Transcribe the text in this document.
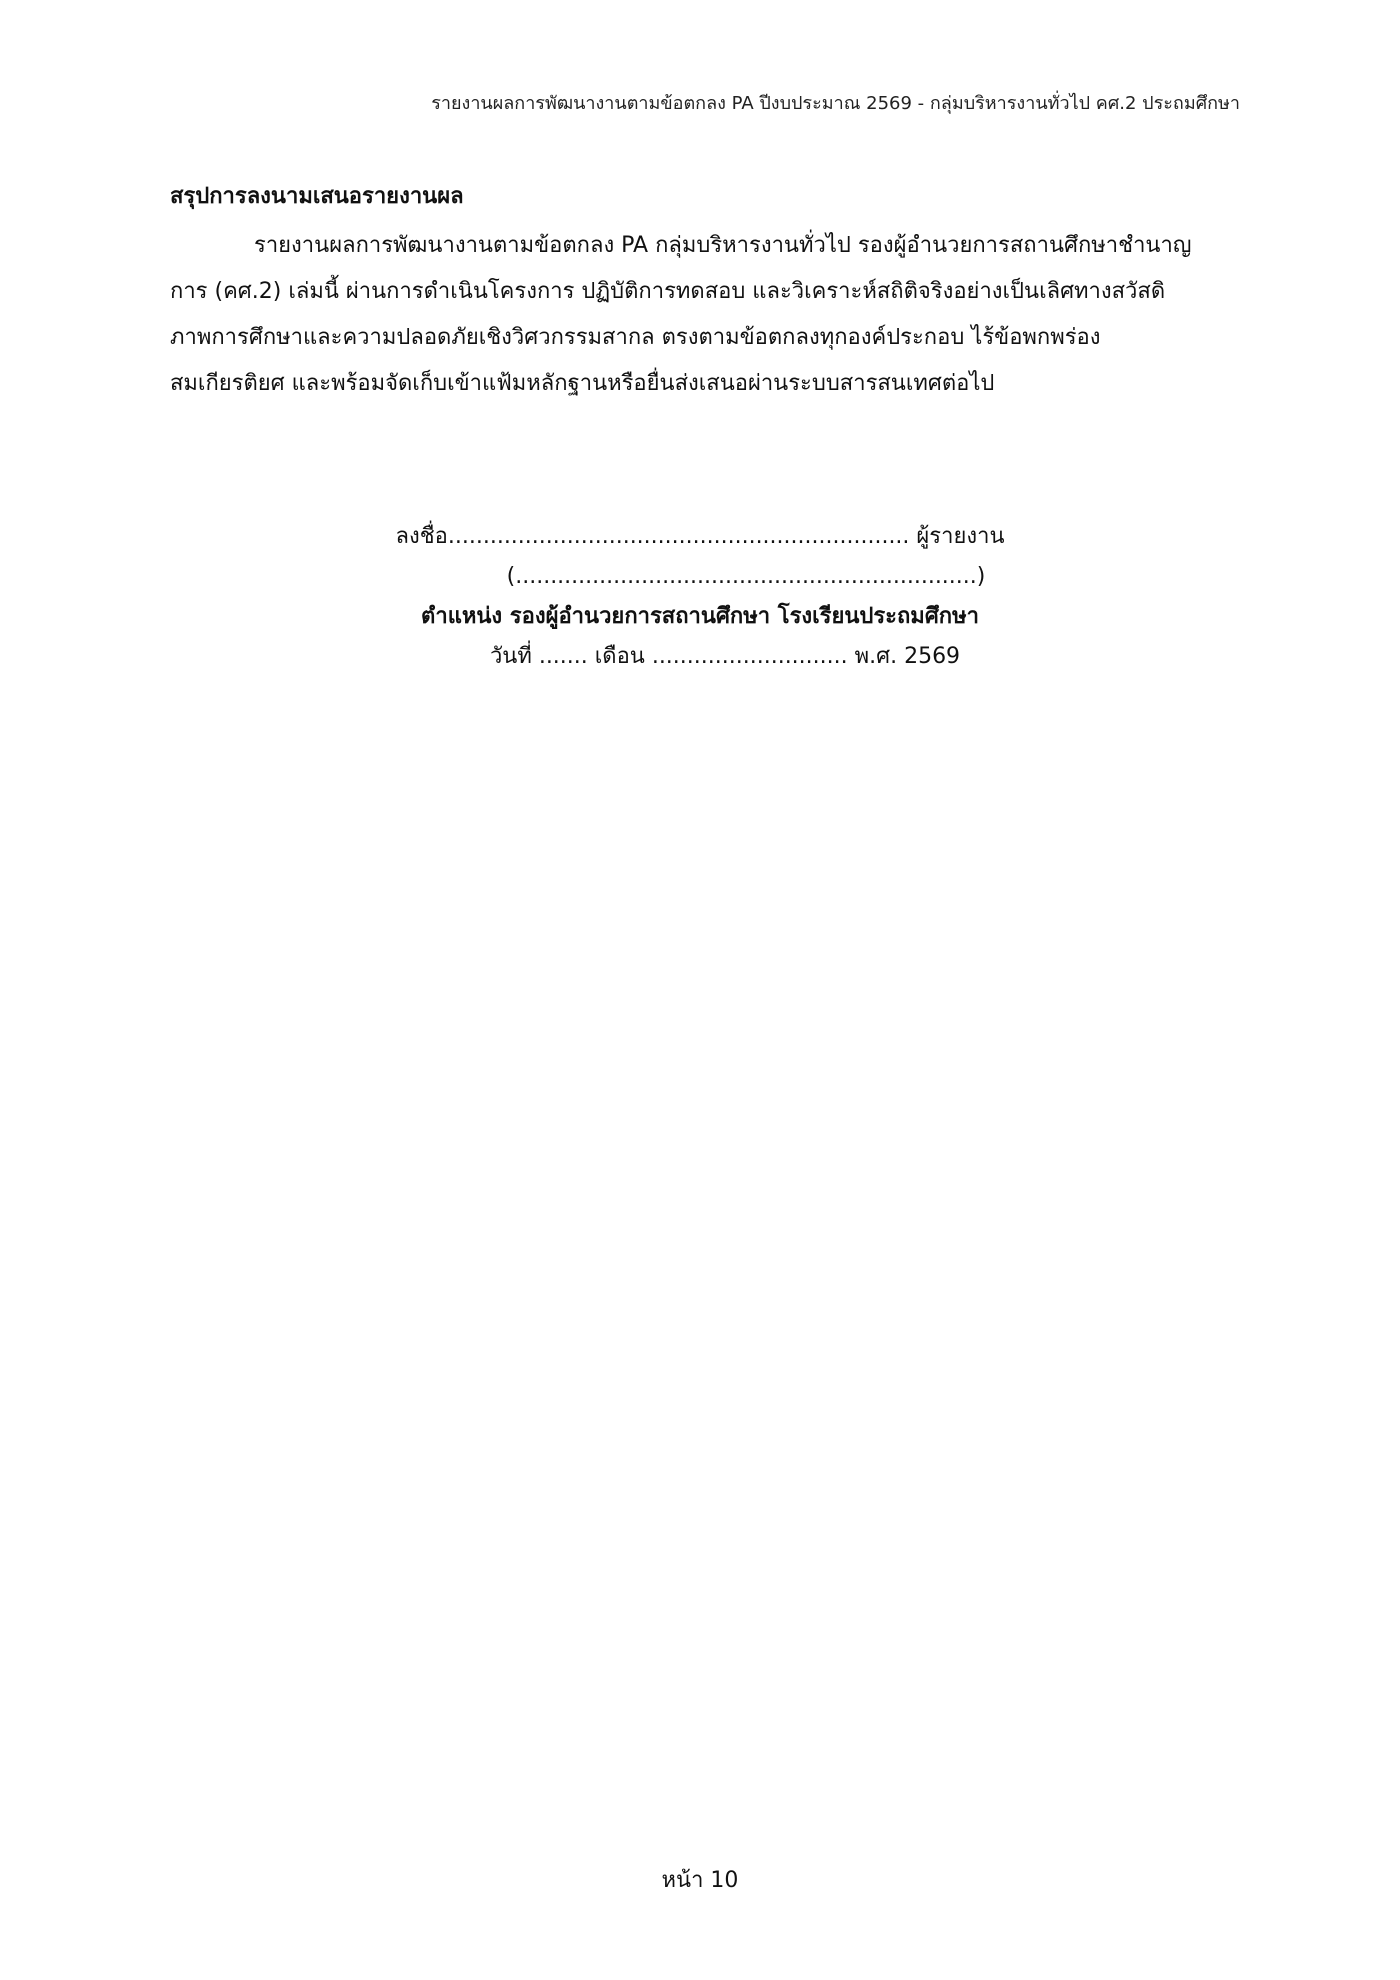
รายงานผลการพัฒนางานตามข้อตกลง PA ปีงบประมาณ 2569 - กลุ่มบริหารงานทั่วไป คศ.2 ประถมศึกษา
สรุปการลงนามเสนอรายงานผล
รายงานผลการพัฒนางานตามข้อตกลง PA กลุ่มบริหารงานทั่วไป รองผู้อำนวยการสถานศึกษาชำนาญ
การ (คศ.2) เล่มนี้ ผ่านการดำเนินโครงการ ปฏิบัติการทดสอบ และวิเคราะห์สถิติจริงอย่างเป็นเลิศทางสวัสดิ
ภาพการศึกษาและความปลอดภัยเชิงวิศวกรรมสากล ตรงตามข้อตกลงทุกองค์ประกอบ ไร้ข้อพกพร่อง
สมเกียรติยศ และพร้อมจัดเก็บเข้าแฟ้มหลักฐานหรือยื่นส่งเสนอผ่านระบบสารสนเทศต่อไป
ลงชื่อ.................................................................. ผู้รายงาน
(..................................................................)
ตำแหน่ง รองผู้อำนวยการสถานศึกษา โรงเรียนประถมศึกษา
วันที่ ....... เดือน ............................ พ.ศ. 2569
หน้า 10
